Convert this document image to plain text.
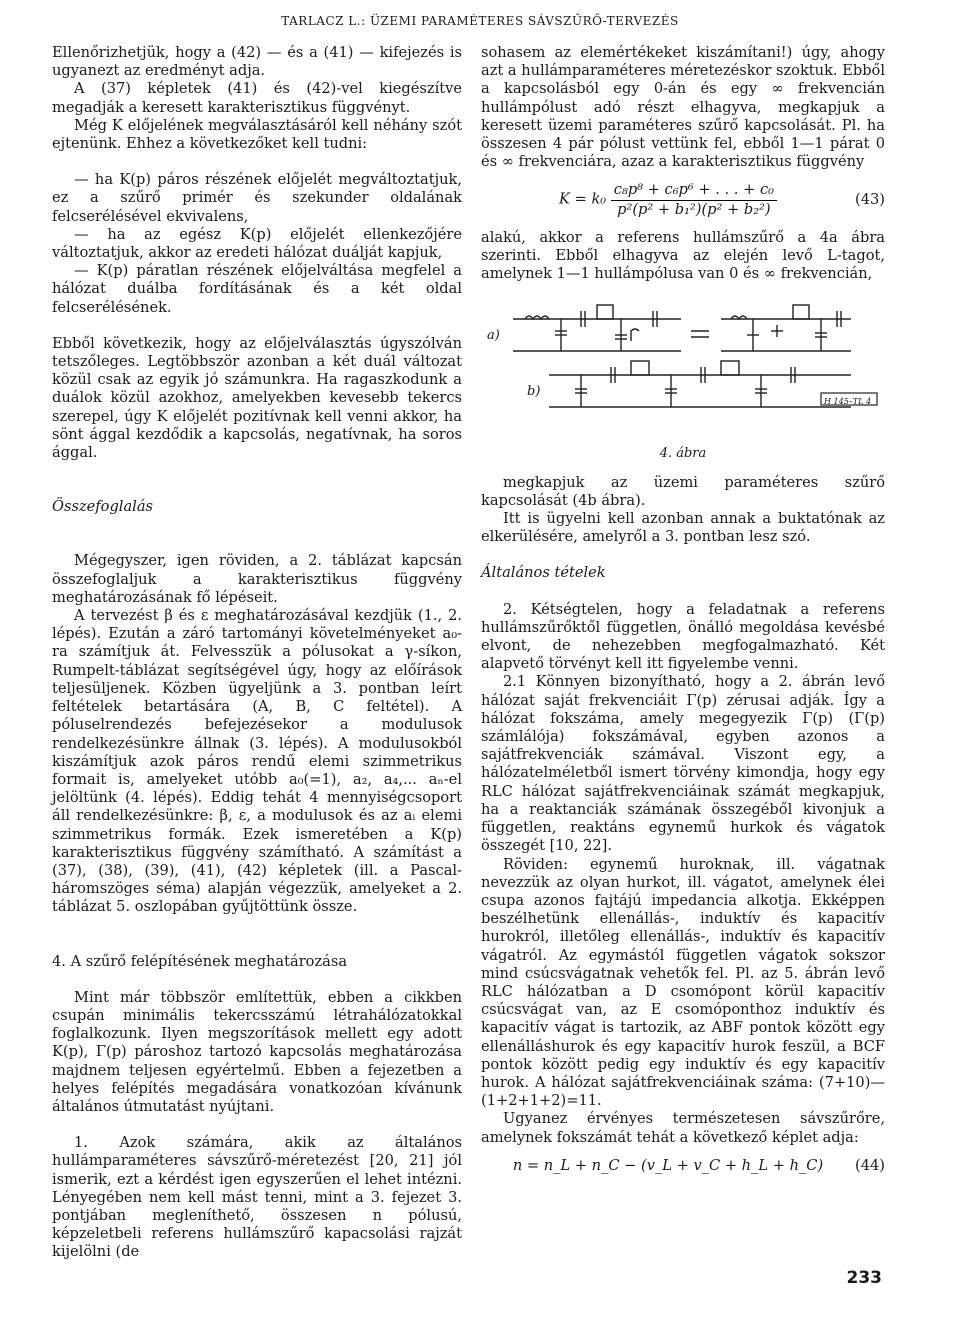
TARLACZ L.: ÜZEMI PARAMÉTERES SÁVSZŰRŐ-TERVEZÉS

Ellenőrizhetjük, hogy a (42) — és a (41) — kifejezés is ugyanezt az eredményt adja.

A (37) képletek (41) és (42)-vel kiegészítve megadják a keresett karakterisztikus függvényt.

Még K előjelének megválasztásáról kell néhány szót ejtenünk. Ehhez a következőket kell tudni:

— ha K(p) páros részének előjelét megváltoztatjuk, ez a szűrő primér és szekunder oldalának felcserélésével ekvivalens,

— ha az egész K(p) előjelét ellenkezőjére változtatjuk, akkor az eredeti hálózat duálját kapjuk,

— K(p) páratlan részének előjelváltása megfelel a hálózat duálba fordításának és a két oldal felcserélésének.

Ebből következik, hogy az előjelválasztás úgyszólván tetszőleges. Legtöbbször azonban a két duál változat közül csak az egyik jó számunkra. Ha ragaszkodunk a duálok közül azokhoz, amelyekben kevesebb tekercs szerepel, úgy K előjelét pozitívnak kell venni akkor, ha sönt ággal kezdődik a kapcsolás, negatívnak, ha soros ággal.

Összefoglalás

Mégegyszer, igen röviden, a 2. táblázat kapcsán összefoglaljuk a karakterisztikus függvény meghatározásának fő lépéseit.

A tervezést β és ε meghatározásával kezdjük (1., 2. lépés). Ezután a záró tartományi követelményeket a₀-ra számítjuk át. Felvesszük a pólusokat a γ-síkon, Rumpelt-táblázat segítségével úgy, hogy az előírások teljesüljenek. Közben ügyeljünk a 3. pontban leírt feltételek betartására (A, B, C feltétel). A póluselrendezés befejezésekor a modulusok rendelkezésünkre állnak (3. lépés). A modulusokból kiszámítjuk azok páros rendű elemi szimmetrikus formait is, amelyeket utóbb a₀(=1), a₂, a₄,... aₙ-el jelöltünk (4. lépés). Eddig tehát 4 mennyiségcsoport áll rendelkezésünkre: β, ε, a modulusok és az aᵢ elemi szimmetrikus formák. Ezek ismeretében a K(p) karakterisztikus függvény számítható. A számítást a (37), (38), (39), (41), (42) képletek (ill. a Pascal-háromszöges séma) alapján végezzük, amelyeket a 2. táblázat 5. oszlopában gyűjtöttünk össze.

4. A szűrő felépítésének meghatározása

Mint már többször említettük, ebben a cikkben csupán minimális tekercsszámú létrahálózatokkal foglalkozunk. Ilyen megszorítások mellett egy adott K(p), Γ(p) pároshoz tartozó kapcsolás meghatározása majdnem teljesen egyértelmű. Ebben a fejezetben a helyes felépítés megadására vonatkozóan kívánunk általános útmutatást nyújtani.

1. Azok számára, akik az általános hullámparaméteres sávszűrő-méretezést [20, 21] jól ismerik, ezt a kérdést igen egyszerűen el lehet intézni. Lényegében nem kell mást tenni, mint a 3. fejezet 3. pontjában megleníthető, összesen n pólusú, képzeletbeli referens hullámszűrő kapacsolási rajzát kijelölni (de

sohasem az elemértékeket kiszámítani!) úgy, ahogy azt a hullámparaméteres méretezéskor szoktuk. Ebből a kapcsolásból egy 0-án és egy ∞ frekvencián hullámpólust adó részt elhagyva, megkapjuk a keresett üzemi paraméteres szűrő kapcsolását. Pl. ha összesen 4 pár pólust vettünk fel, ebből 1—1 párat 0 és ∞ frekvenciára, azaz a karakterisztikus függvény

$K = k_0 \frac{\text{c₈p⁸ + c₆p⁶ + . . . + c₀}}{\text{p²(p² + b₁²)(p² + b₂²)}}$	(43)

alakú, akkor a referens hullámszűrő a 4a ábra szerinti. Ebből elhagyva az elején levő L-tagot, amelynek 1—1 hullámpólusa van 0 és ∞ frekvencián,

a)
b)
H 145–TL 4
4. ábra

megkapjuk az üzemi paraméteres szűrő kapcsolását (4b ábra).

Itt is ügyelni kell azonban annak a buktatónak az elkerülésére, amelyről a 3. pontban lesz szó.

Általános tételek

2. Kétségtelen, hogy a feladatnak a referens hullámszűrőktől független, önálló megoldása kevésbé elvont, de nehezebben megfogalmazható. Két alapvető törvényt kell itt figyelembe venni.

2.1 Könnyen bizonyítható, hogy a 2. ábrán levő hálózat saját frekvenciáit Γ(p) zérusai adják. Így a hálózat fokszáma, amely megegyezik Γ(p) (Γ(p) számlálója) fokszámával, egyben azonos a sajátfrekvenciák számával. Viszont egy, a hálózatelméletből ismert törvény kimondja, hogy egy RLC hálózat sajátfrekvenciáinak számát megkapjuk, ha a reaktanciák számának összegéből kivonjuk a független, reaktáns egynemű hurkok és vágatok összegét [10, 22].

Röviden: egynemű huroknak, ill. vágatnak nevezzük az olyan hurkot, ill. vágatot, amelynek élei csupa azonos fajtájú impedancia alkotja. Ekképpen beszélhetünk ellenállás-, induktív és kapacitív hurokról, illetőleg ellenállás-, induktív és kapacitív vágatról. Az egymástól független vágatok sokszor mind csúcsvágatnak vehetők fel. Pl. az 5. ábrán levő RLC hálózatban a D csomópont körül kapacitív csúcsvágat van, az E csomóponthoz induktív és kapacitív vágat is tartozik, az ABF pontok között egy ellenálláshurok és egy kapacitív hurok feszül, a BCF pontok között pedig egy induktív és egy kapacitív hurok. A hálózat sajátfrekvenciáinak száma: (7+10)—(1+2+1+2)=11.

Ugyanez érvényes természetesen sávszűrőre, amelynek fokszámát tehát a következő képlet adja:

n = n_L + n_C − (v_L + v_C + h_L + h_C)	(44)
233
